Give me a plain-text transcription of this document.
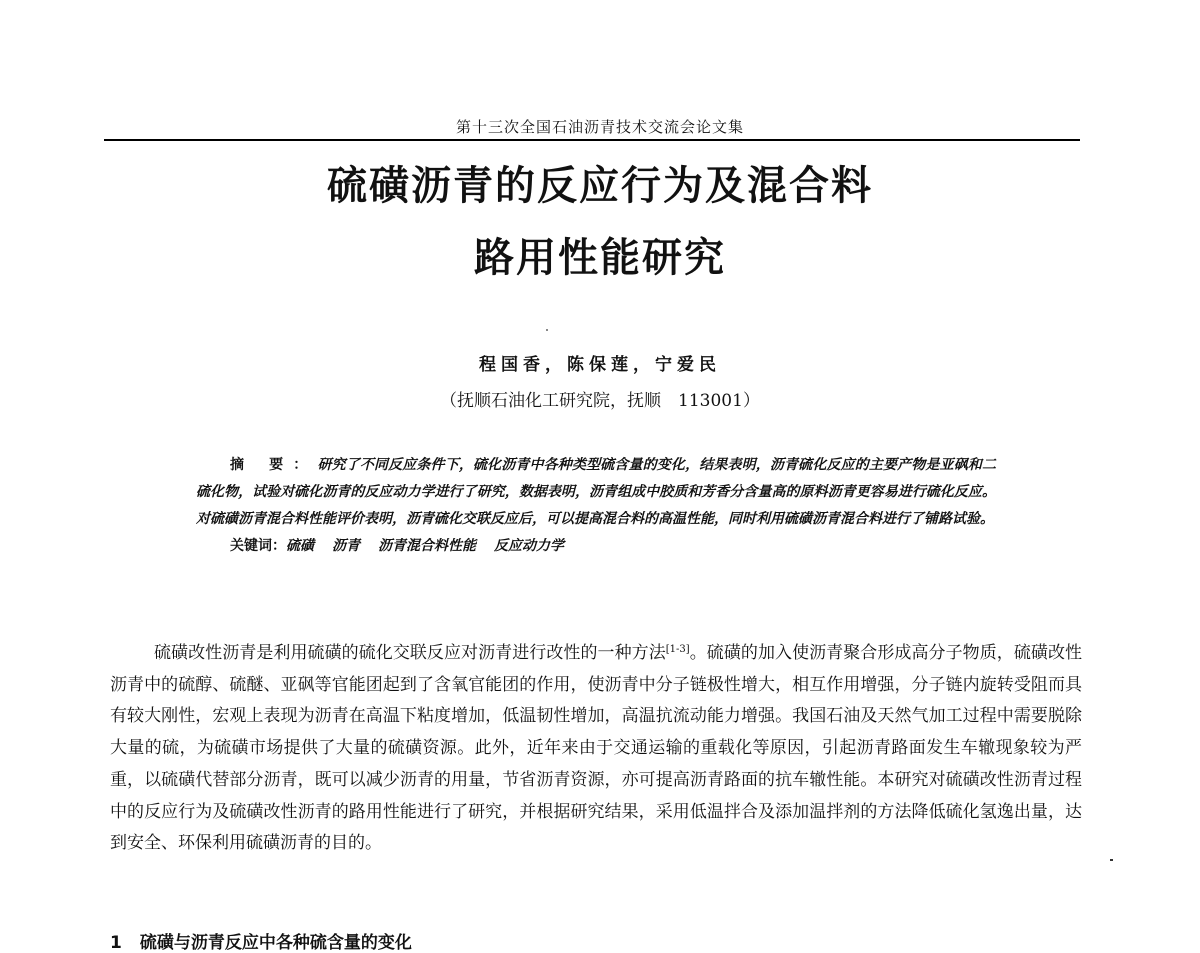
第十三次全国石油沥青技术交流会论文集
硫磺沥青的反应行为及混合料
路用性能研究
程国香，陈保莲，宁爱民
（抚顺石油化工研究院，抚顺　113001）
摘 要：研究了不同反应条件下，硫化沥青中各种类型硫含量的变化，结果表明，沥青硫化反应的主要产物是亚砜和二硫化物，试验对硫化沥青的反应动力学进行了研究，数据表明，沥青组成中胶质和芳香分含量高的原料沥青更容易进行硫化反应。对硫磺沥青混合料性能评价表明，沥青硫化交联反应后，可以提高混合料的高温性能，同时利用硫磺沥青混合料进行了铺路试验。
关键词：硫磺 沥青 沥青混合料性能 反应动力学

硫磺改性沥青是利用硫磺的硫化交联反应对沥青进行改性的一种方法[1-3]。硫磺的加入使沥青聚合形成高分子物质，硫磺改性沥青中的硫醇、硫醚、亚砜等官能团起到了含氧官能团的作用，使沥青中分子链极性增大，相互作用增强，分子链内旋转受阻而具有较大刚性，宏观上表现为沥青在高温下粘度增加，低温韧性增加，高温抗流动能力增强。我国石油及天然气加工过程中需要脱除大量的硫，为硫磺市场提供了大量的硫磺资源。此外，近年来由于交通运输的重载化等原因，引起沥青路面发生车辙现象较为严重，以硫磺代替部分沥青，既可以减少沥青的用量，节省沥青资源，亦可提高沥青路面的抗车辙性能。本研究对硫磺改性沥青过程中的反应行为及硫磺改性沥青的路用性能进行了研究，并根据研究结果，采用低温拌合及添加温拌剂的方法降低硫化氢逸出量，达到安全、环保利用硫磺沥青的目的。

1 硫磺与沥青反应中各种硫含量的变化
